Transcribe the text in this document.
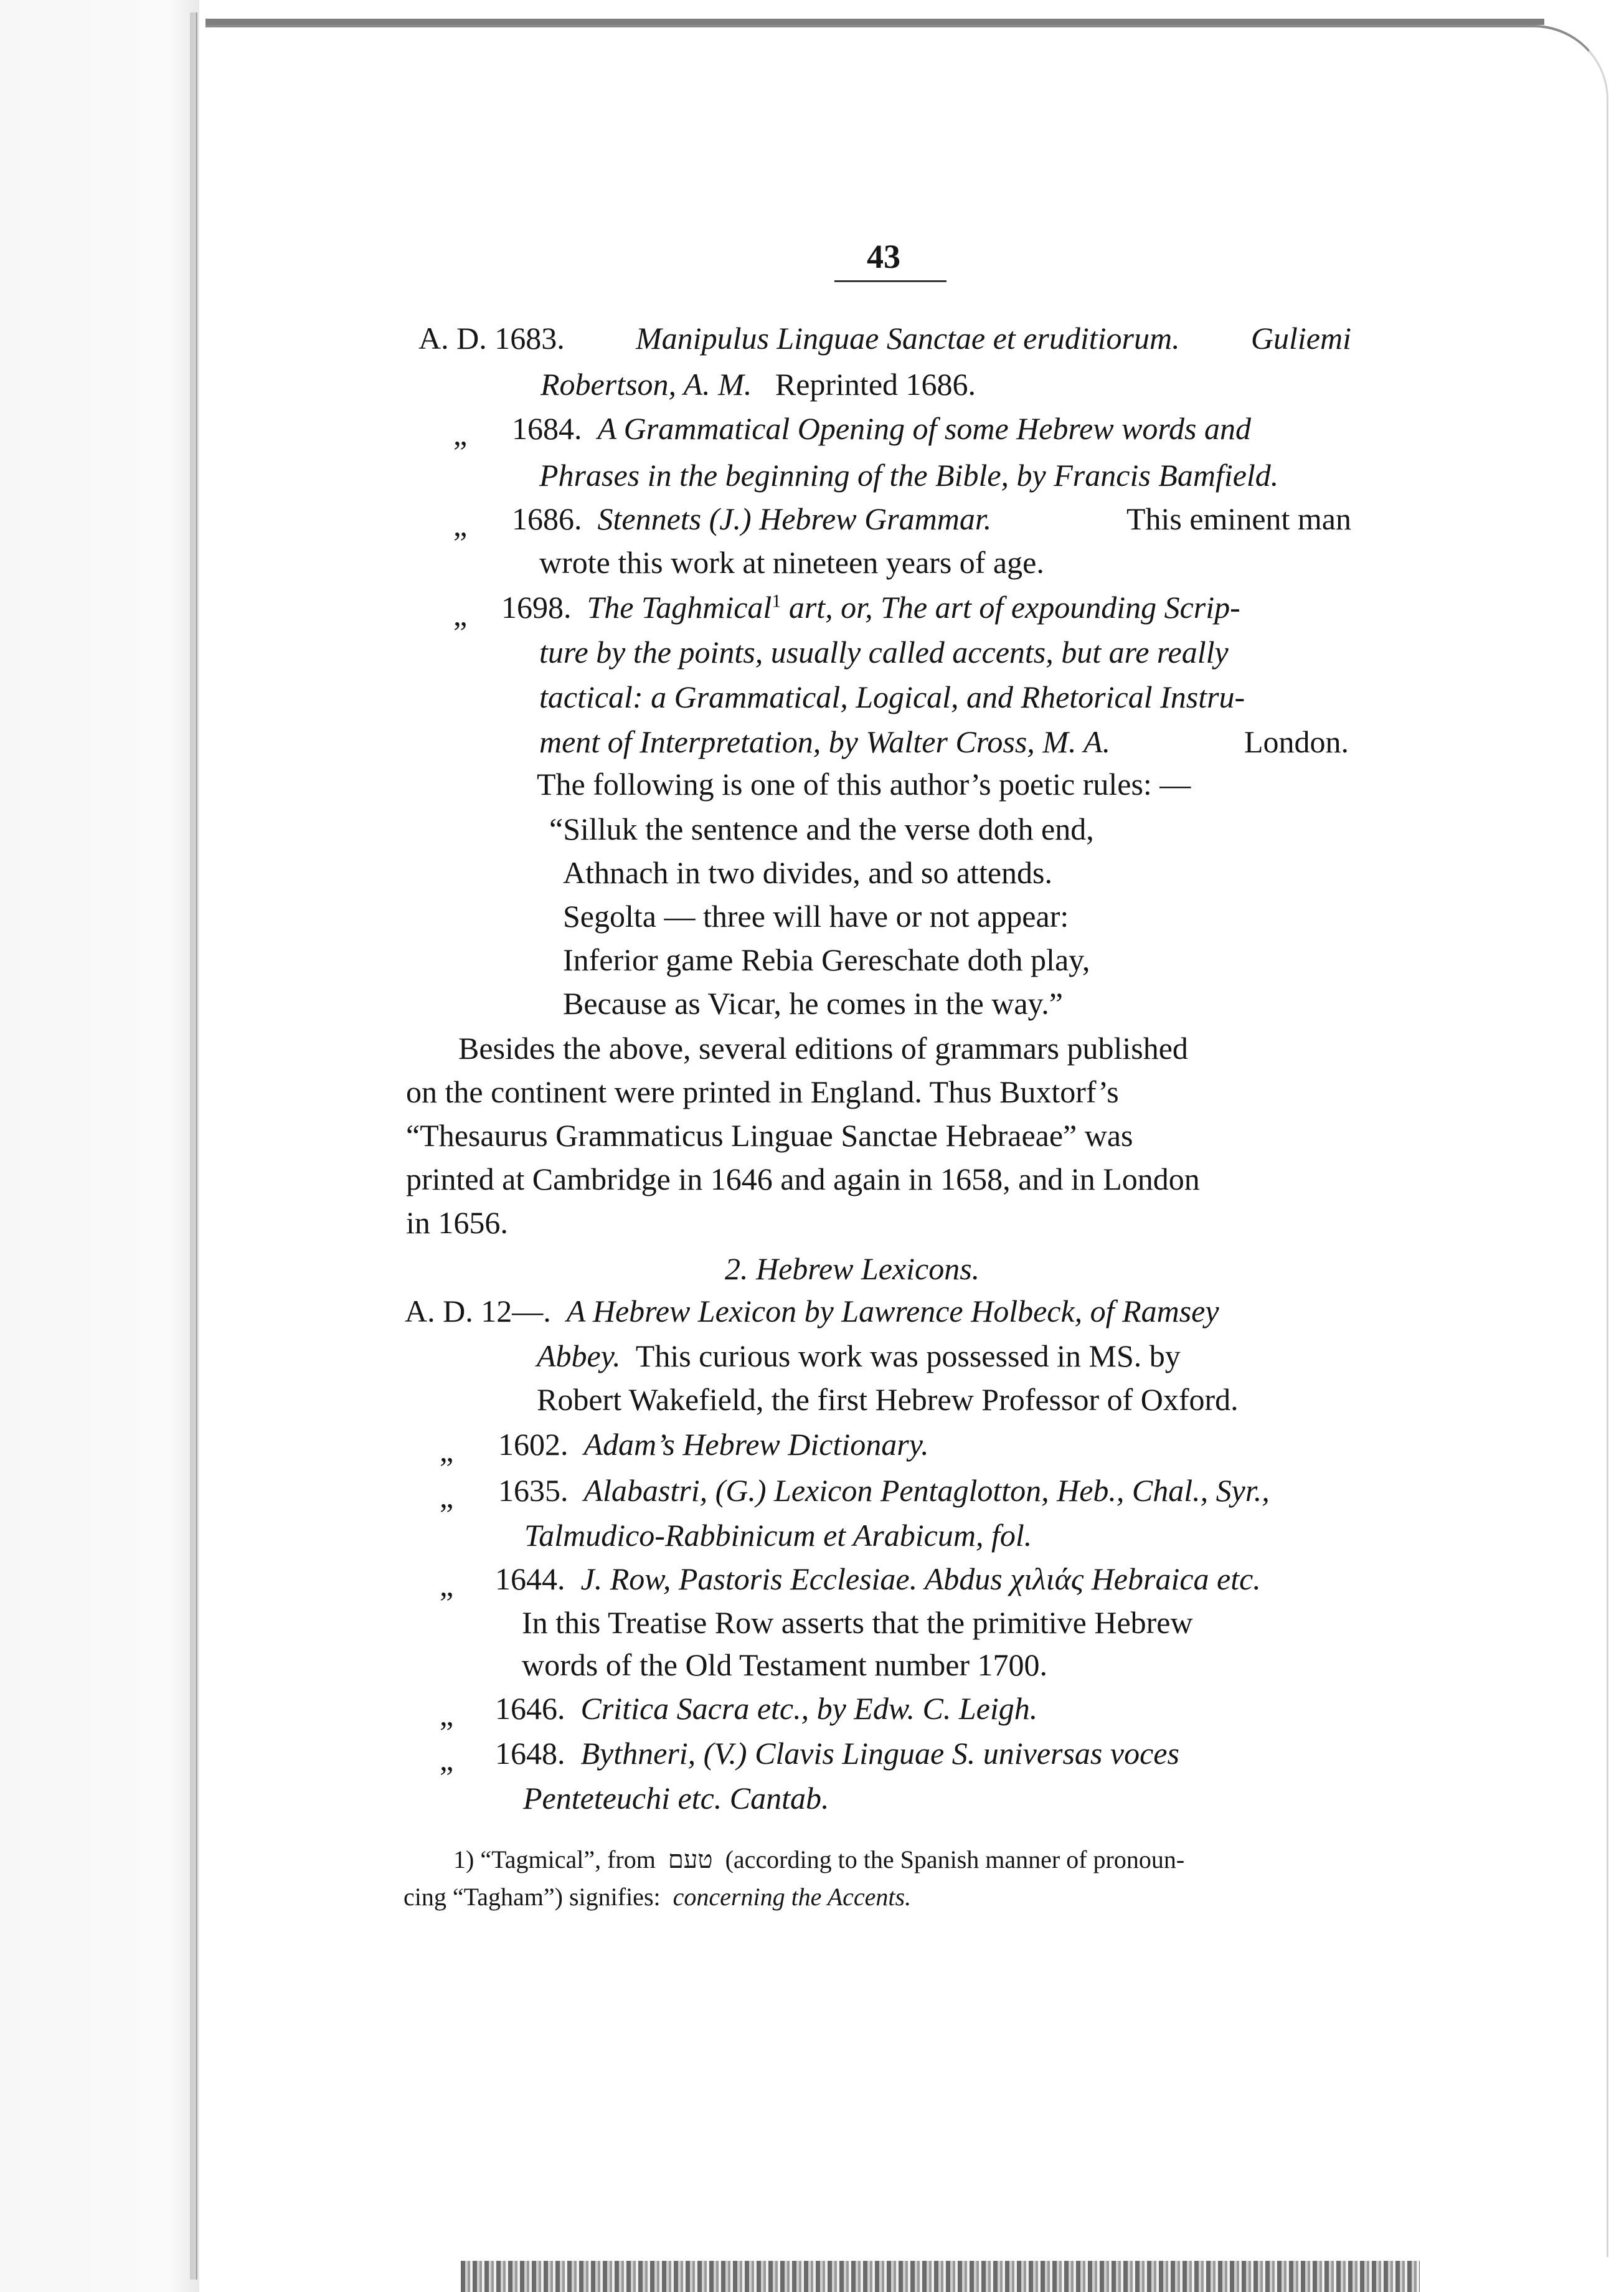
43
A. D. 1683. Manipulus Linguae Sanctae et eruditiorum. Guliemi
Robertson, A. M. Reprinted 1686.
„ 1684. A Grammatical Opening of some Hebrew words and
Phrases in the beginning of the Bible, by Francis Bamfield.
„ 1686. Stennets (J.) Hebrew Grammar.	This eminent man
wrote this work at nineteen years of age.
„ 1698. The Taghmical$^1$ art, or, The art of expounding Scrip-
ture by the points, usually called accents, but are really
tactical: a Grammatical, Logical, and Rhetorical Instru-
ment of Interpretation, by Walter Cross, M. A.	London.
The following is one of this author’s poetic rules: —
“Silluk the sentence and the verse doth end,
Athnach in two divides, and so attends.
Segolta — three will have or not appear:
Inferior game Rebia Gereschate doth play,
Because as Vicar, he comes in the way.”
Besides the above, several editions of grammars published
on the continent were printed in England. Thus Buxtorf’s
“Thesaurus Grammaticus Linguae Sanctae Hebraeae” was
printed at Cambridge in 1646 and again in 1658, and in London
in 1656.
2. Hebrew Lexicons.
A. D. 12—. A Hebrew Lexicon by Lawrence Holbeck, of Ramsey
Abbey. This curious work was possessed in MS. by
Robert Wakefield, the first Hebrew Professor of Oxford.
„ 1602. Adam’s Hebrew Dictionary.
„ 1635. Alabastri, (G.) Lexicon Pentaglotton, Heb., Chal., Syr.,
Talmudico-Rabbinicum et Arabicum, fol.
„ 1644. J. Row, Pastoris Ecclesiae. Abdus χιλιάς Hebraica etc.
In this Treatise Row asserts that the primitive Hebrew
words of the Old Testament number 1700.
„ 1646. Critica Sacra etc., by Edw. C. Leigh.
„ 1648. Bythneri, (V.) Clavis Linguae S. universas voces
Penteteuchi etc. Cantab.
1) “Tagmical”, from טעם (according to the Spanish manner of pronoun-
cing “Tagham”) signifies: concerning the Accents.
